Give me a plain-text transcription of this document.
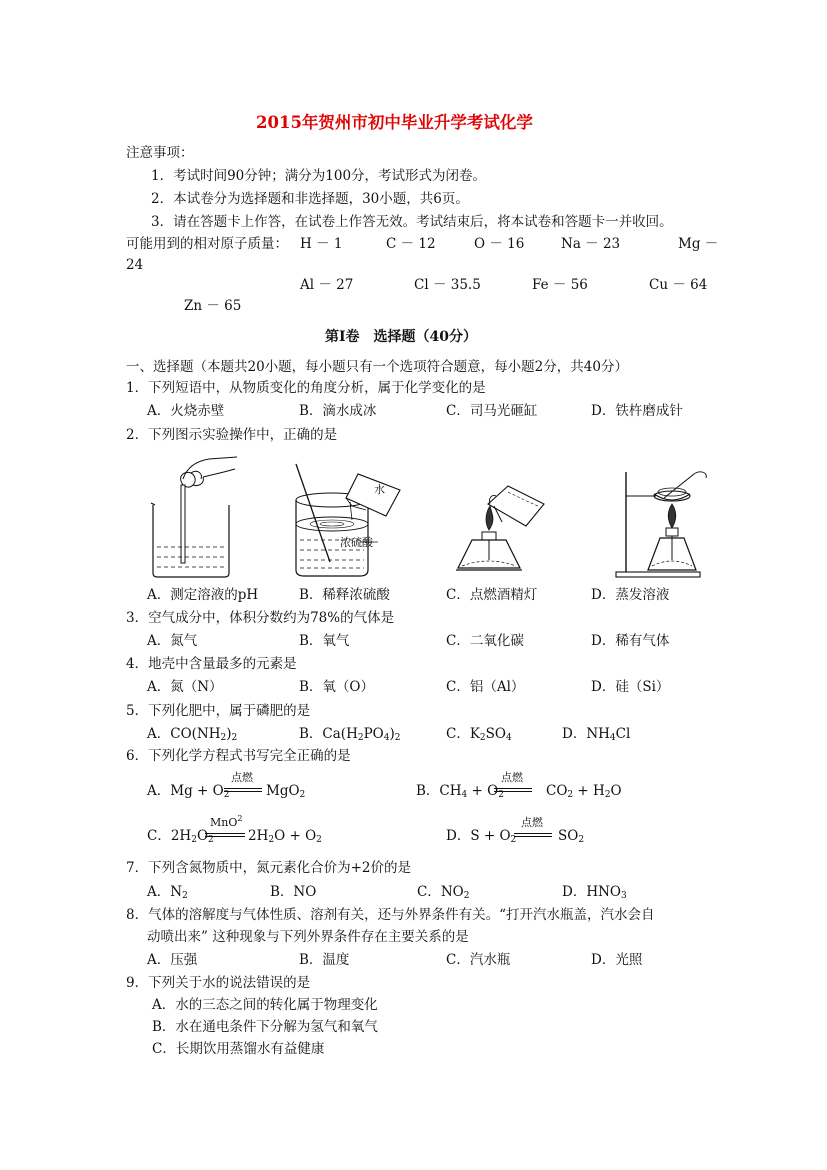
2015年贺州市初中毕业升学考试化学
注意事项：
1．考试时间90分钟；满分为100分，考试形式为闭卷。
2．本试卷分为选择题和非选择题，30小题，共6页。
3．请在答题卡上作答，在试卷上作答无效。考试结束后，将本试卷和答题卡一并收回。
可能用到的相对原子质量： H － 1	C － 12	O － 16	Na － 23	Mg －
24
Al － 27	Cl － 35.5	Fe － 56	Cu － 64
Zn － 65
第Ⅰ卷　选择题（40分）
一、选择题（本题共20小题，每小题只有一个选项符合题意，每小题2分，共40分）
1．下列短语中，从物质变化的角度分析，属于化学变化的是
A．火烧赤壁	B．滴水成冰	C．司马光砸缸	D．铁杵磨成针
2．下列图示实验操作中，正确的是
水
浓硫酸
A．测定溶液的pH	B．稀释浓硫酸	C．点燃酒精灯	D．蒸发溶液
3．空气成分中，体积分数约为78%的气体是
A．氮气	B．氧气	C．二氧化碳	D．稀有气体
4．地壳中含量最多的元素是
A．氮（N）	B．氧（O）	C．铝（Al）	D．硅（Si）
5．下列化肥中，属于磷肥的是
A．$CO(NH_2)_2$	B．$Ca(H_2PO_4)_2$	C．$K_2SO_4$	D．$NH_4Cl$
6．下列化学方程式书写完全正确的是
A．$Mg + O_2$
点燃
MgO$_2$	B．$CH_4 + O_2$
点燃
$CO_2 + H_2O$
C．$2H_2O_2$
MnO$^2$
$2H_2O + O_2$	D．$S + O_2$
点燃
$SO_2$
7．下列含氮物质中，氮元素化合价为+2价的是
A．$N_2$	B．NO	C．$NO_2$	D．$HNO_3$
8．气体的溶解度与气体性质、溶剂有关，还与外界条件有关。“打开汽水瓶盖，汽水会自
动喷出来” 这种现象与下列外界条件存在主要关系的是
A．压强	B．温度	C．汽水瓶	D．光照
9．下列关于水的说法错误的是
A．水的三态之间的转化属于物理变化
B．水在通电条件下分解为氢气和氧气
C．长期饮用蒸馏水有益健康
